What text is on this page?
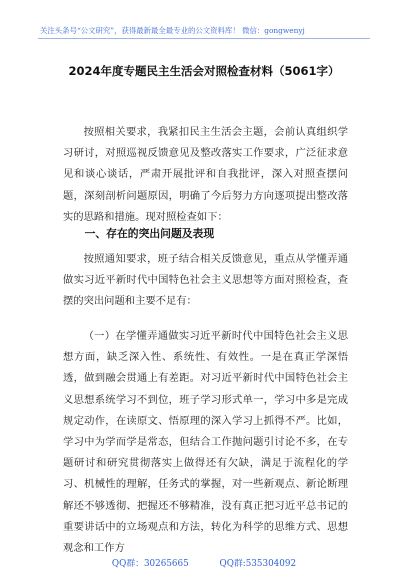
关注头条号“公文研究”，获得最新最全最专业的公文资料库！ 微信：gongwenyj
2024年度专题民主生活会对照检查材料（5061字）

按照相关要求，我紧扣民主生活会主题，会前认真组织学习研讨，对照巡视反馈意见及整改落实工作要求，广泛征求意见和谈心谈话，严肃开展批评和自我批评，深入对照查摆问题，深刻剖析问题原因，明确了今后努力方向逐项提出整改落实的思路和措施。现对照检查如下：

一、存在的突出问题及表现

按照通知要求，班子结合相关反馈意见，重点从学懂弄通做实习近平新时代中国特色社会主义思想等方面对照检查，查摆的突出问题和主要不足有：

（一）在学懂弄通做实习近平新时代中国特色社会主义思想方面，缺乏深入性、系统性、有效性。一是在真正学深悟透，做到融会贯通上有差距。对习近平新时代中国特色社会主义思想系统学习不到位，班子学习形式单一，学习中多是完成规定动作，在读原文、悟原理的深入学习上抓得不严。比如，学习中为学而学是常态，但结合工作抛问题引讨论不多，在专题研讨和研究贯彻落实上做得还有欠缺，满足于流程化的学习、机械性的理解，任务式的掌握，对一些新观点、新论断理解还不够透彻、把握还不够精准，没有真正把习近平总书记的重要讲话中的立场观点和方法，转化为科学的思维方式、思想观念和工作方

QQ群：30265665	QQ群:535304092
